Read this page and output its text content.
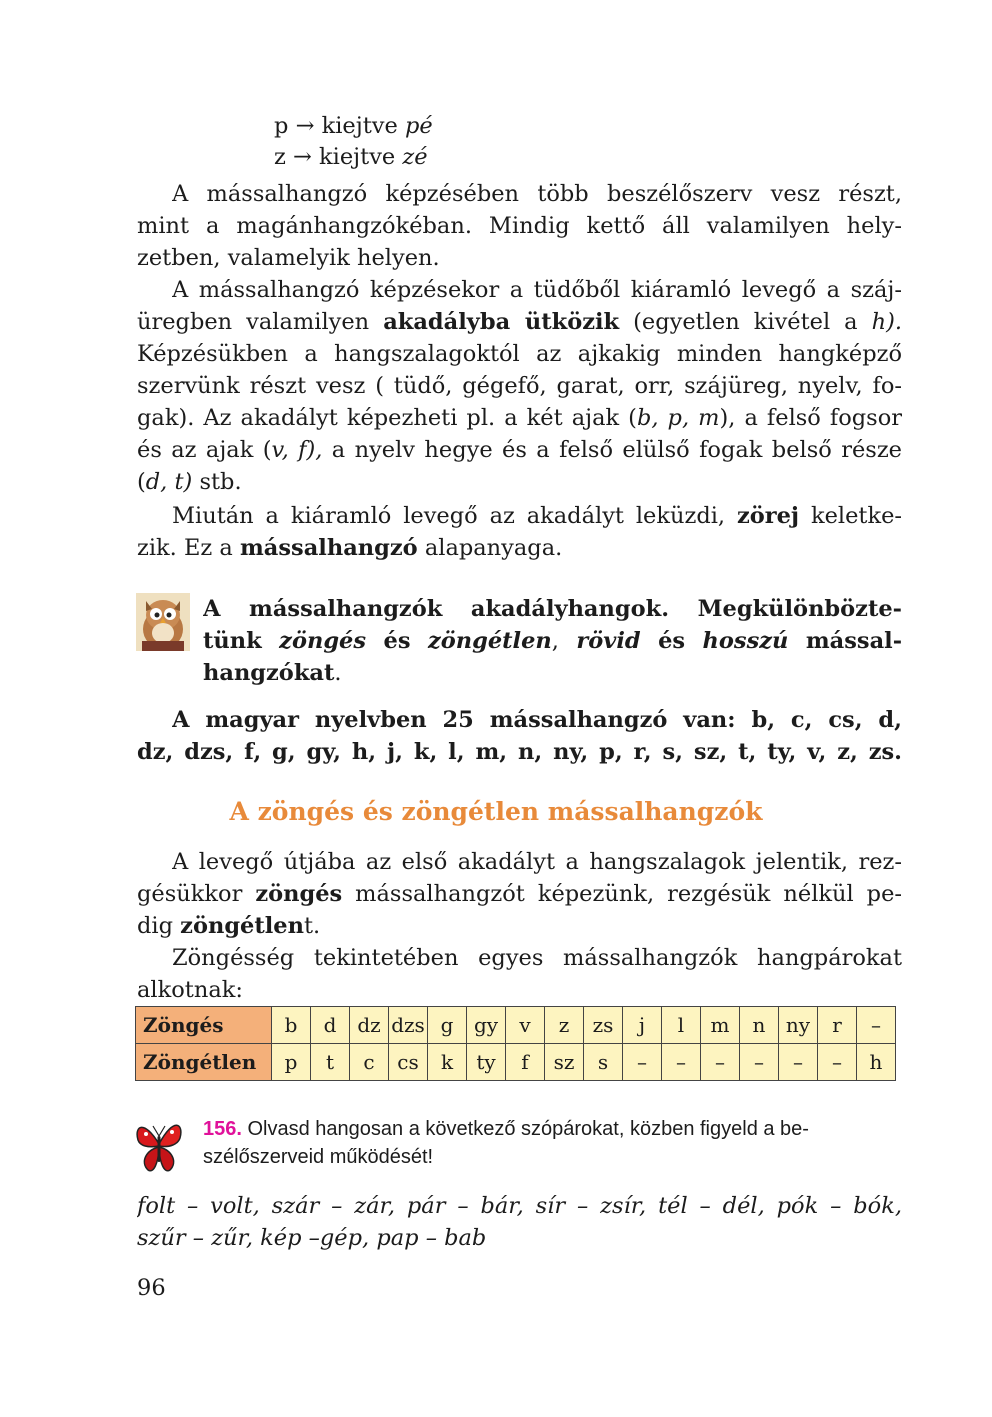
p → kiejtve pé
z → kiejtve zé
A mássalhangzó képzésében több beszélőszerv vesz részt,
mint a magánhangzókéban. Mindig kettő áll valamilyen hely-
zetben, valamelyik helyen.
A mássalhangzó képzésekor a tüdőből kiáramló levegő a száj-
üregben valamilyen akadályba ütközik (egyetlen kivétel a h).
Képzésükben a hangszalagoktól az ajkakig minden hangképző
szervünk részt vesz ( tüdő, gégefő, garat, orr, szájüreg, nyelv, fo-
gak). Az akadályt képezheti pl. a két ajak (b, p, m), a felső fogsor
és az ajak (v, f), a nyelv hegye és a felső elülső fogak belső része
(d, t) stb.
Miután a kiáramló levegő az akadályt leküzdi, zörej keletke-
zik. Ez a mássalhangzó alapanyaga.
A mássalhangzók akadályhangok. Megkülönbözte-
tünk zöngés és zöngétlen, rövid és hosszú mással-
hangzókat.
A magyar nyelvben 25 mássalhangzó van: b, c, cs, d,
dz, dzs, f, g, gy, h, j, k, l, m, n, ny, p, r, s, sz, t, ty, v, z, zs.
A zöngés és zöngétlen mássalhangzók
A levegő útjába az első akadályt a hangszalagok jelentik, rez-
gésükkor zöngés mássalhangzót képezünk, rezgésük nélkül pe-
dig zöngétlent.
Zöngésség tekintetében egyes mássalhangzók hangpárokat
alkotnak:
Zöngés	b	d	dz	dzs	g	gy	v	z	zs	j	l	m	n	ny	r	–
Zöngétlen	p	t	c	cs	k	ty	f	sz	s	–	–	–	–	–	–	h
156. Olvasd hangosan a következő szópárokat, közben figyeld a be-
szélőszerveid működését!
folt – volt, szár – zár, pár – bár, sír – zsír, tél – dél, pók – bók,
szűr – zűr, kép –gép, pap – bab
96
